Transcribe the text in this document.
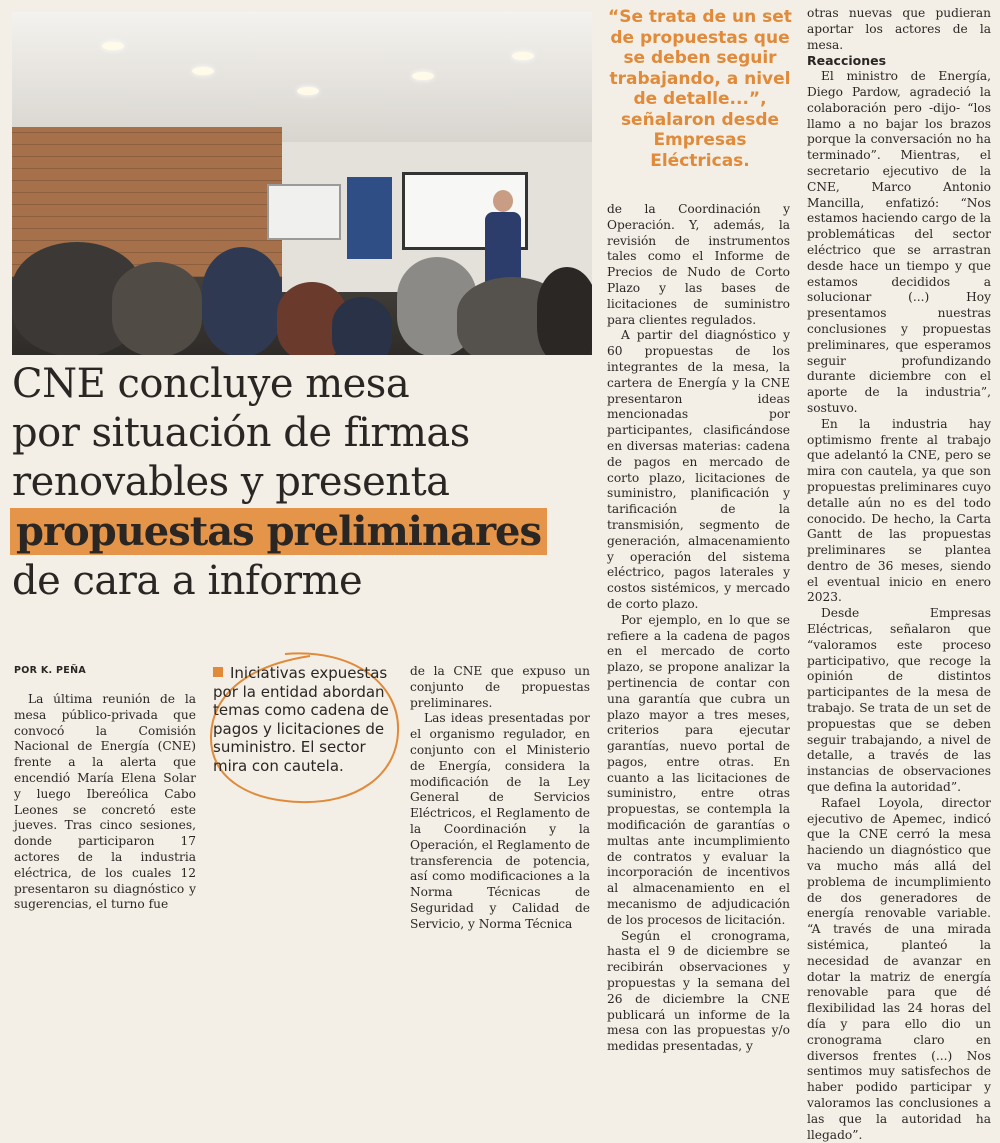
CNE concluye mesa
por situación de firmas
renovables y presenta
propuestas preliminares
de cara a informe
POR K. PEÑA	Iniciativas expuestas por la entidad abordan temas como cadena de pagos y licitaciones de suministro. El sector mira con cautela.
“Se trata de un set de propuestas que se deben seguir trabajando, a nivel de detalle...”, señalaron desde Empresas Eléctricas.

La última reunión de la mesa público-privada que convocó la Comisión Nacional de Energía (CNE) frente a la alerta que encendió María Elena Solar y luego Ibereólica Cabo Leones se concretó este jueves. Tras cinco sesiones, donde participaron 17 actores de la industria eléctrica, de los cuales 12 presentaron su diagnóstico y sugerencias, el turno fue

de la CNE que expuso un conjunto de propuestas preliminares.

Las ideas presentadas por el organismo regulador, en conjunto con el Ministerio de Energía, considera la modificación de la Ley General de Servicios Eléctricos, el Reglamento de la Coordinación y la Operación, el Reglamento de transferencia de potencia, así como modificaciones a la Norma Técnicas de Seguridad y Calidad de Servicio, y Norma Técnica

de la Coordinación y Operación. Y, además, la revisión de instrumentos tales como el Informe de Precios de Nudo de Corto Plazo y las bases de licitaciones de suministro para clientes regulados.

A partir del diagnóstico y 60 propuestas de los integrantes de la mesa, la cartera de Energía y la CNE presentaron ideas mencionadas por participantes, clasificándose en diversas materias: cadena de pagos en mercado de corto plazo, licitaciones de suministro, planificación y tarificación de la transmisión, segmento de generación, almacenamiento y operación del sistema eléctrico, pagos laterales y costos sistémicos, y mercado de corto plazo.

Por ejemplo, en lo que se refiere a la cadena de pagos en el mercado de corto plazo, se propone analizar la pertinencia de contar con una garantía que cubra un plazo mayor a tres meses, criterios para ejecutar garantías, nuevo portal de pagos, entre otras. En cuanto a las licitaciones de suministro, entre otras propuestas, se contempla la modificación de garantías o multas ante incumplimiento de contratos y evaluar la incorporación de incentivos al almacenamiento en el mecanismo de adjudicación de los procesos de licitación.

Según el cronograma, hasta el 9 de diciembre se recibirán observaciones y propuestas y la semana del 26 de diciembre la CNE publicará un informe de la mesa con las propuestas y/o medidas presentadas, y

otras nuevas que pudieran aportar los actores de la mesa.

Reacciones

El ministro de Energía, Diego Pardow, agradeció la colaboración pero -dijo- “los llamo a no bajar los brazos porque la conversación no ha terminado”. Mientras, el secretario ejecutivo de la CNE, Marco Antonio Mancilla, enfatizó: “Nos estamos haciendo cargo de la problemáticas del sector eléctrico que se arrastran desde hace un tiempo y que estamos decididos a solucionar (...) Hoy presentamos nuestras conclusiones y propuestas preliminares, que esperamos seguir profundizando durante diciembre con el aporte de la industria”, sostuvo.

En la industria hay optimismo frente al trabajo que adelantó la CNE, pero se mira con cautela, ya que son propuestas preliminares cuyo detalle aún no es del todo conocido. De hecho, la Carta Gantt de las propuestas preliminares se plantea dentro de 36 meses, siendo el eventual inicio en enero 2023.

Desde Empresas Eléctricas, señalaron que “valoramos este proceso participativo, que recoge la opinión de distintos participantes de la mesa de trabajo. Se trata de un set de propuestas que se deben seguir trabajando, a nivel de detalle, a través de las instancias de observaciones que defina la autoridad”.

Rafael Loyola, director ejecutivo de Apemec, indicó que la CNE cerró la mesa haciendo un diagnóstico que va mucho más allá del problema de incumplimiento de dos generadores de energía renovable variable. “A través de una mirada sistémica, planteó la necesidad de avanzar en dotar la matriz de energía renovable para que dé flexibilidad las 24 horas del día y para ello dio un cronograma claro en diversos frentes (...) Nos sentimos muy satisfechos de haber podido participar y valoramos las conclusiones a las que la autoridad ha llegado”.
